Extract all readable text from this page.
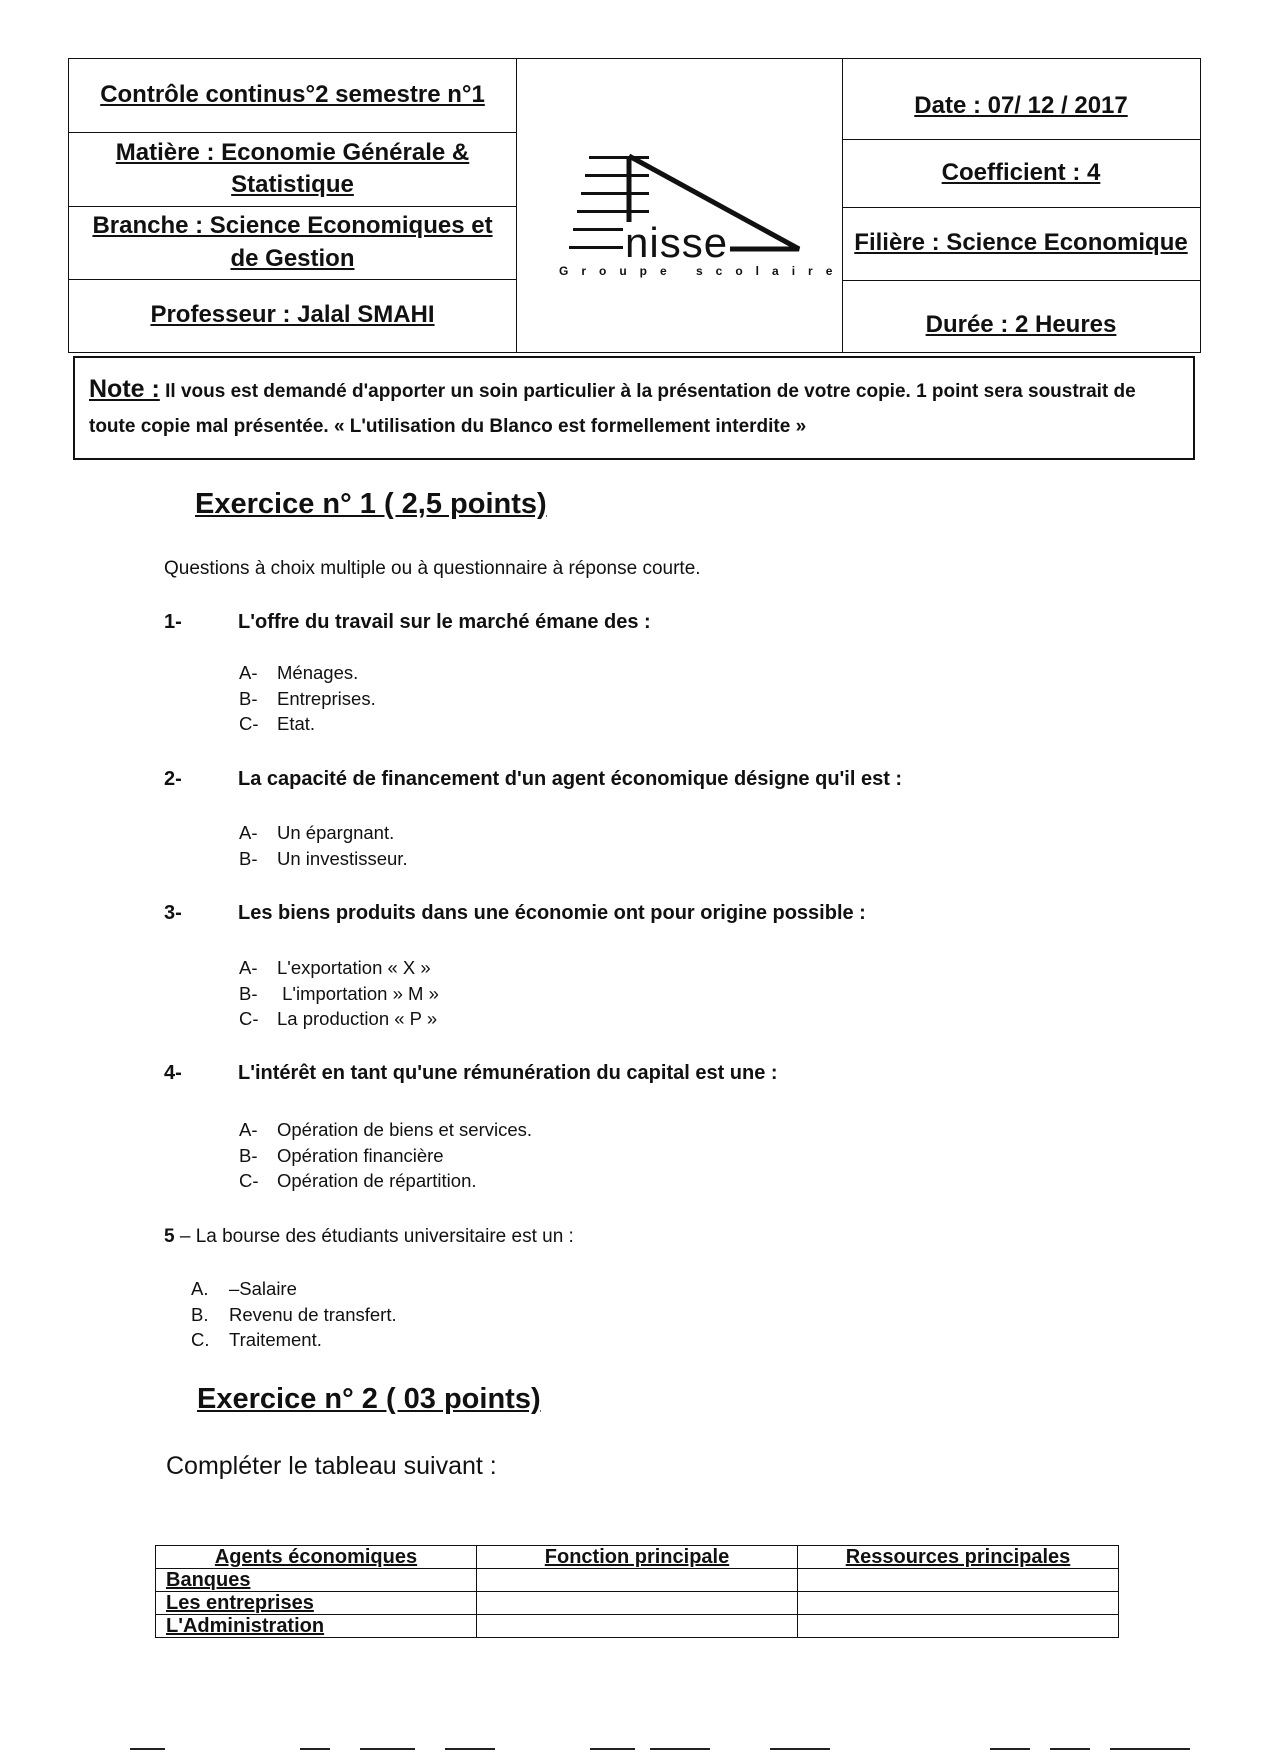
Contrôle continus°2 semestre n°1
Matière : Economie Générale & Statistique
Branche : Science Economiques et de Gestion
Professeur : Jalal SMAHI
Date : 07/ 12 / 2017
Coefficient : 4
Filière : Science Economique
Durée : 2 Heures
nisse
Groupe scolaire
Note : Il vous est demandé d'apporter un soin particulier à la présentation de votre copie. 1 point sera soustrait de toute copie mal présentée. « L'utilisation du Blanco est formellement interdite »
Exercice n° 1 ( 2,5 points)
Questions à choix multiple ou à questionnaire à réponse courte.
1-	L'offre du travail sur le marché émane des :
A- Ménages.
B- Entreprises.
C- Etat.
2-	La capacité de financement d'un agent économique désigne qu'il est :
A- Un épargnant.
B- Un investisseur.
3-	Les biens produits dans une économie ont pour origine possible :
A- L'exportation « X »
B- L'importation » M »
C- La production « P »
4-	L'intérêt en tant qu'une rémunération du capital est une :
A- Opération de biens et services.
B- Opération financière
C- Opération de répartition.
5 – La bourse des étudiants universitaire est un :
A. –Salaire
B. Revenu de transfert.
C. Traitement.
Exercice n° 2 ( 03 points)
Compléter le tableau suivant :
Agents économiques	Fonction principale	Ressources principales
Banques		
Les entreprises		
L'Administration		
